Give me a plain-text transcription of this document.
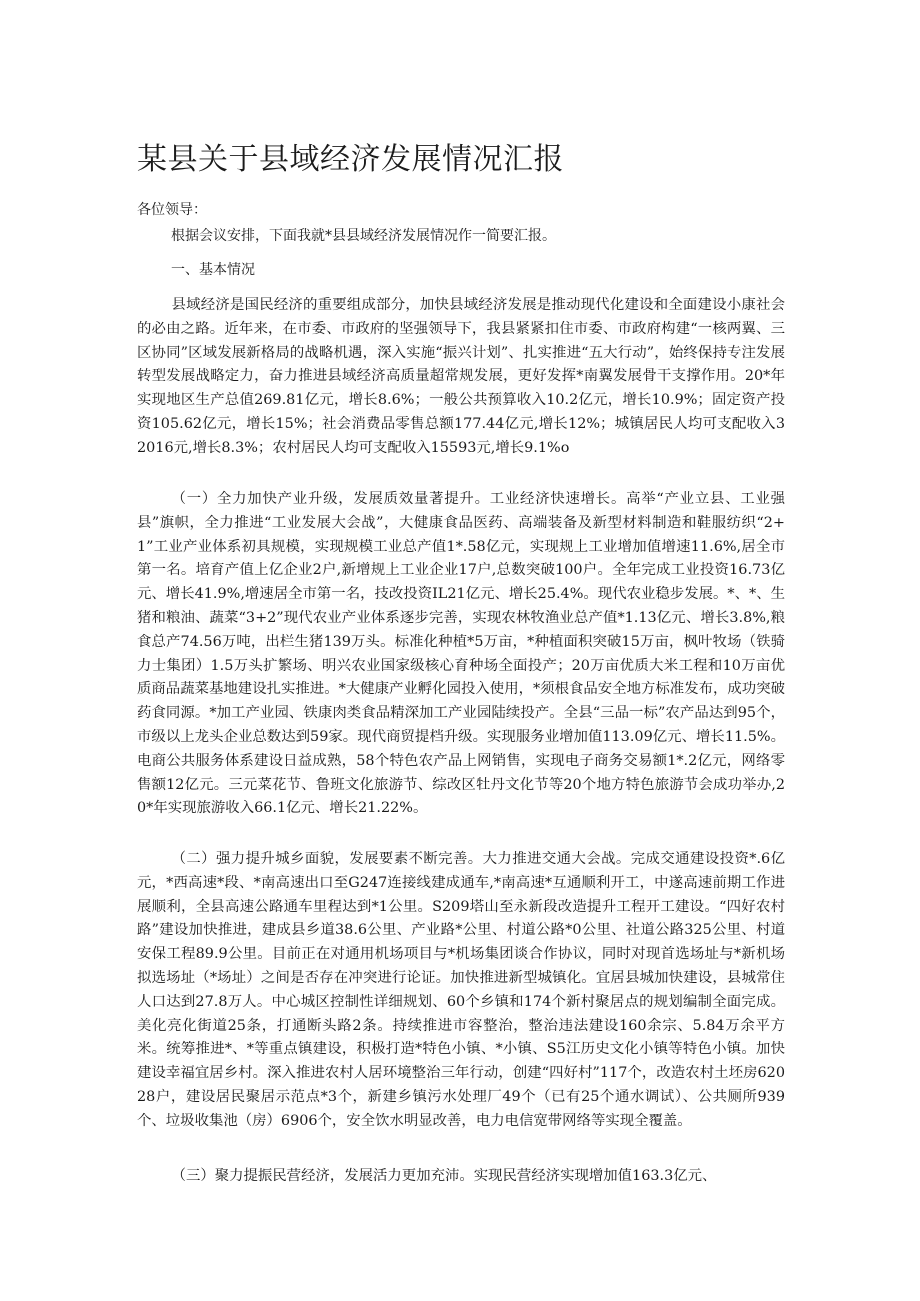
某县关于县域经济发展情况汇报

各位领导：

根据会议安排，下面我就*县县域经济发展情况作一简要汇报。

一、基本情况

县域经济是国民经济的重要组成部分，加快县域经济发展是推动现代化建设和全面建设小康社会的必由之路。近年来，在市委、市政府的坚强领导下，我县紧紧扣住市委、市政府构建“一核两翼、三区协同”区域发展新格局的战略机遇，深入实施“振兴计划”、扎实推进“五大行动”，始终保持专注发展转型发展战略定力，奋力推进县域经济高质量超常规发展，更好发挥*南翼发展骨干支撑作用。20*年实现地区生产总值269.81亿元，增长8.6%；一般公共预算收入10.2亿元，增长10.9%；固定资产投资105.62亿元，增长15%；社会消费品零售总额177.44亿元,增长12%；城镇居民人均可支配收入32016元,增长8.3%；农村居民人均可支配收入15593元,增长9.1%o

（一）全力加快产业升级，发展质效量著提升。工业经济快速增长。高举“产业立县、工业强县”旗帜，全力推进“工业发展大会战”，大健康食品医药、高端装备及新型材料制造和鞋服纺织“2+1”工业产业体系初具规模，实现规模工业总产值1*.58亿元，实现规上工业增加值增速11.6%,居全市第一名。培育产值上亿企业2户,新增规上工业企业17户,总数突破100户。全年完成工业投资16.73亿元、增长41.9%,增速居全市第一名，技改投资IL21亿元、增长25.4%。现代农业稳步发展。*、*、生猪和粮油、蔬菜“3+2”现代农业产业体系逐步完善，实现农林牧渔业总产值*1.13亿元、增长3.8%,粮食总产74.56万吨，出栏生猪139万头。标准化种植*5万亩，*种植面积突破15万亩，枫叶牧场（铁骑力士集团）1.5万头扩繁场、明兴农业国家级核心育种场全面投产；20万亩优质大米工程和10万亩优质商品蔬菜基地建设扎实推进。*大健康产业孵化园投入使用，*须根食品安全地方标准发布，成功突破药食同源。*加工产业园、铁康肉类食品精深加工产业园陆续投产。全县“三品一标”农产品达到95个，市级以上龙头企业总数达到59家。现代商贸提档升级。实现服务业增加值113.09亿元、增长11.5%。电商公共服务体系建设日益成熟，58个特色农产品上网销售，实现电子商务交易额1*.2亿元，网络零售额12亿元。三元菜花节、鲁班文化旅游节、综改区牡丹文化节等20个地方特色旅游节会成功举办,20*年实现旅游收入66.1亿元、增长21.22%。

（二）强力提升城乡面貌，发展要素不断完善。大力推进交通大会战。完成交通建设投资*.6亿元，*西高速*段、*南高速出口至G247连接线建成通车,*南高速*互通顺利开工，中遂高速前期工作进展顺利，全县高速公路通车里程达到*1公里。S209塔山至永新段改造提升工程开工建设。“四好农村路”建设加快推进，建成县乡道38.6公里、产业路*公里、村道公路*0公里、社道公路325公里、村道安保工程89.9公里。目前正在对通用机场项目与*机场集团谈合作协议，同时对现首选场址与*新机场拟选场址（*场址）之间是否存在冲突进行论证。加快推进新型城镇化。宜居县城加快建设，县城常住人口达到27.8万人。中心城区控制性详细规划、60个乡镇和174个新村聚居点的规划编制全面完成。美化亮化街道25条，打通断头路2条。持续推进市容整治，整治违法建设160余宗、5.84万余平方米。统筹推进*、*等重点镇建设，积极打造*特色小镇、*小镇、S5江历史文化小镇等特色小镇。加快建设幸福宜居乡村。深入推进农村人居环境整治三年行动，创建“四好村”117个，改造农村土坯房62028户，建设居民聚居示范点*3个，新建乡镇污水处理厂49个（已有25个通水调试）、公共厕所939个、垃圾收集池（房）6906个，安全饮水明显改善，电力电信宽带网络等实现全覆盖。

（三）聚力提振民营经济，发展活力更加充沛。实现民营经济实现增加值163.3亿元、
